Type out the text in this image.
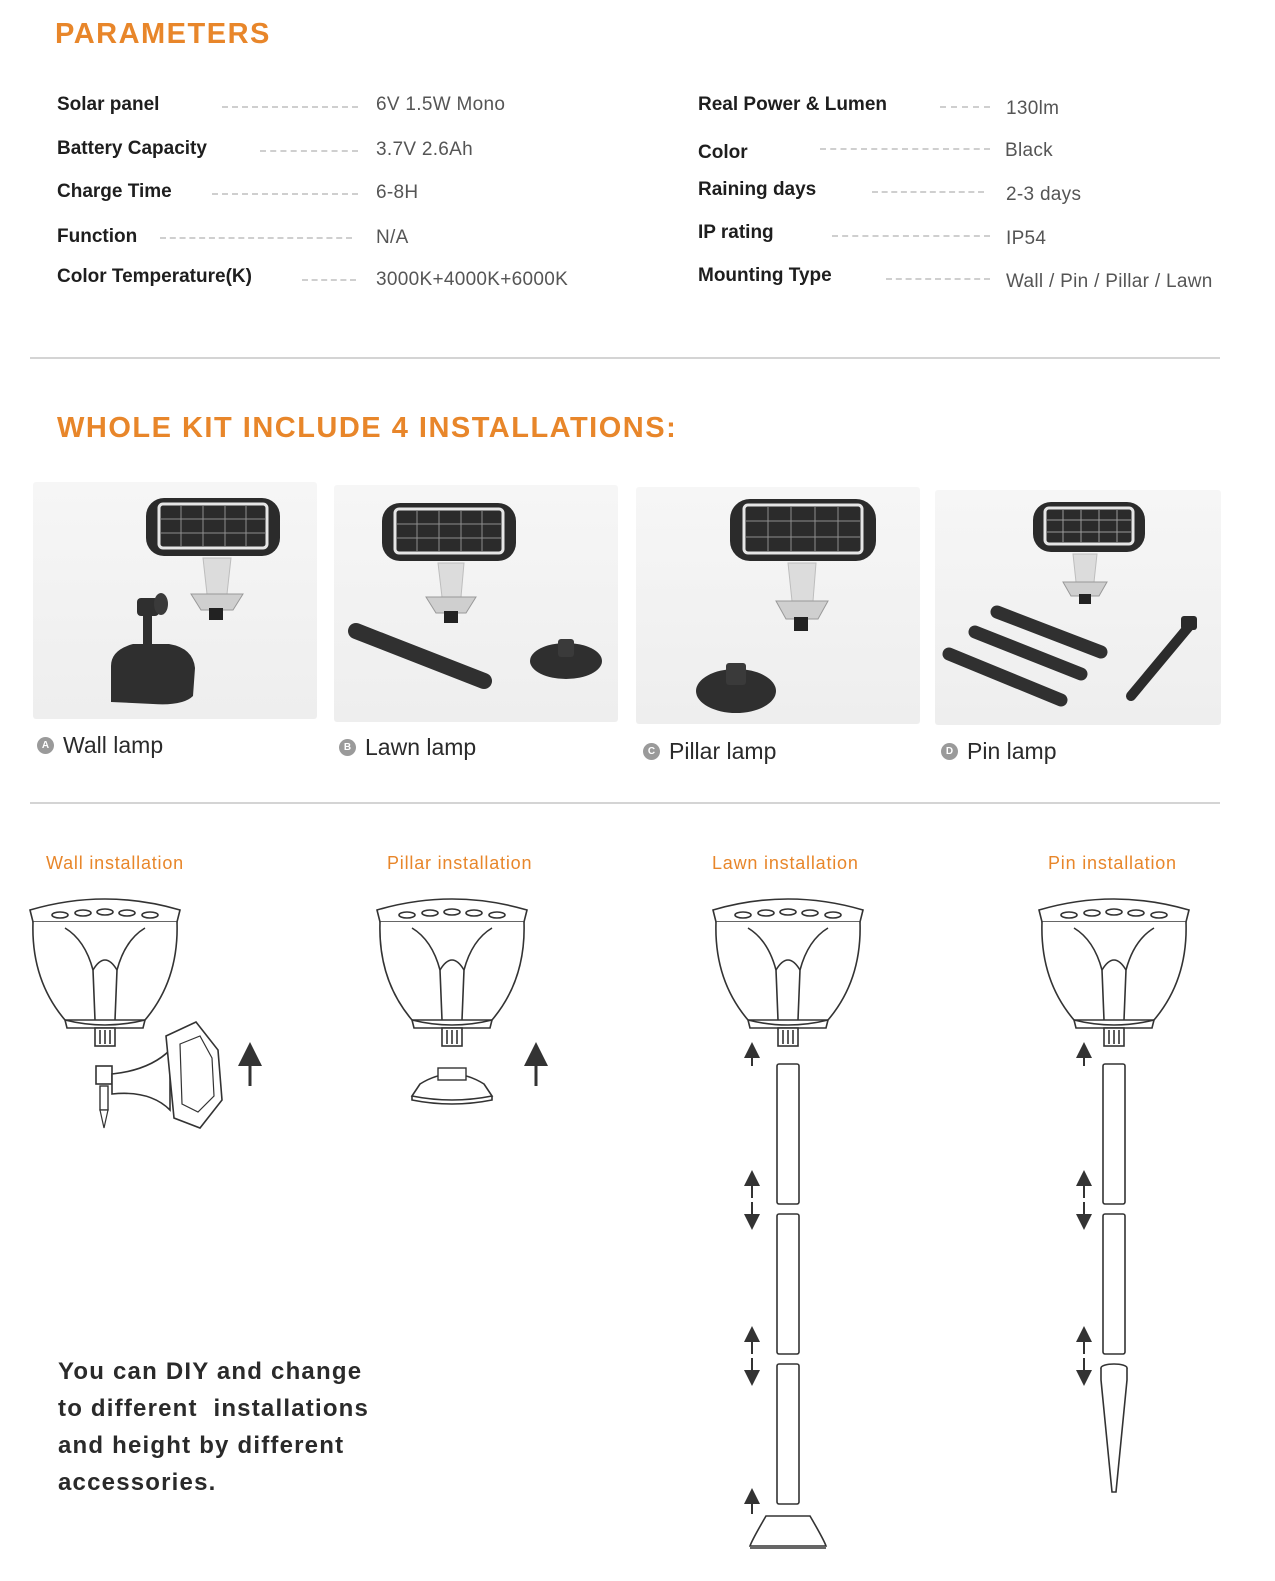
PARAMETERS
Solar panel	6V 1.5W Mono
Battery Capacity	3.7V 2.6Ah
Charge Time	6-8H
Function	N/A
Color Temperature(K)	3000K+4000K+6000K
Real Power & Lumen	130lm
Color	Black
Raining days	2-3 days
IP rating	IP54
Mounting Type	Wall / Pin / Pillar / Lawn
WHOLE KIT INCLUDE 4 INSTALLATIONS:
A Wall lamp	B Lawn lamp	C Pillar lamp	D Pin lamp
Wall installation	Pillar installation	Lawn installation	Pin installation
You can DIY and change
to different  installations
and height by different
accessories.
